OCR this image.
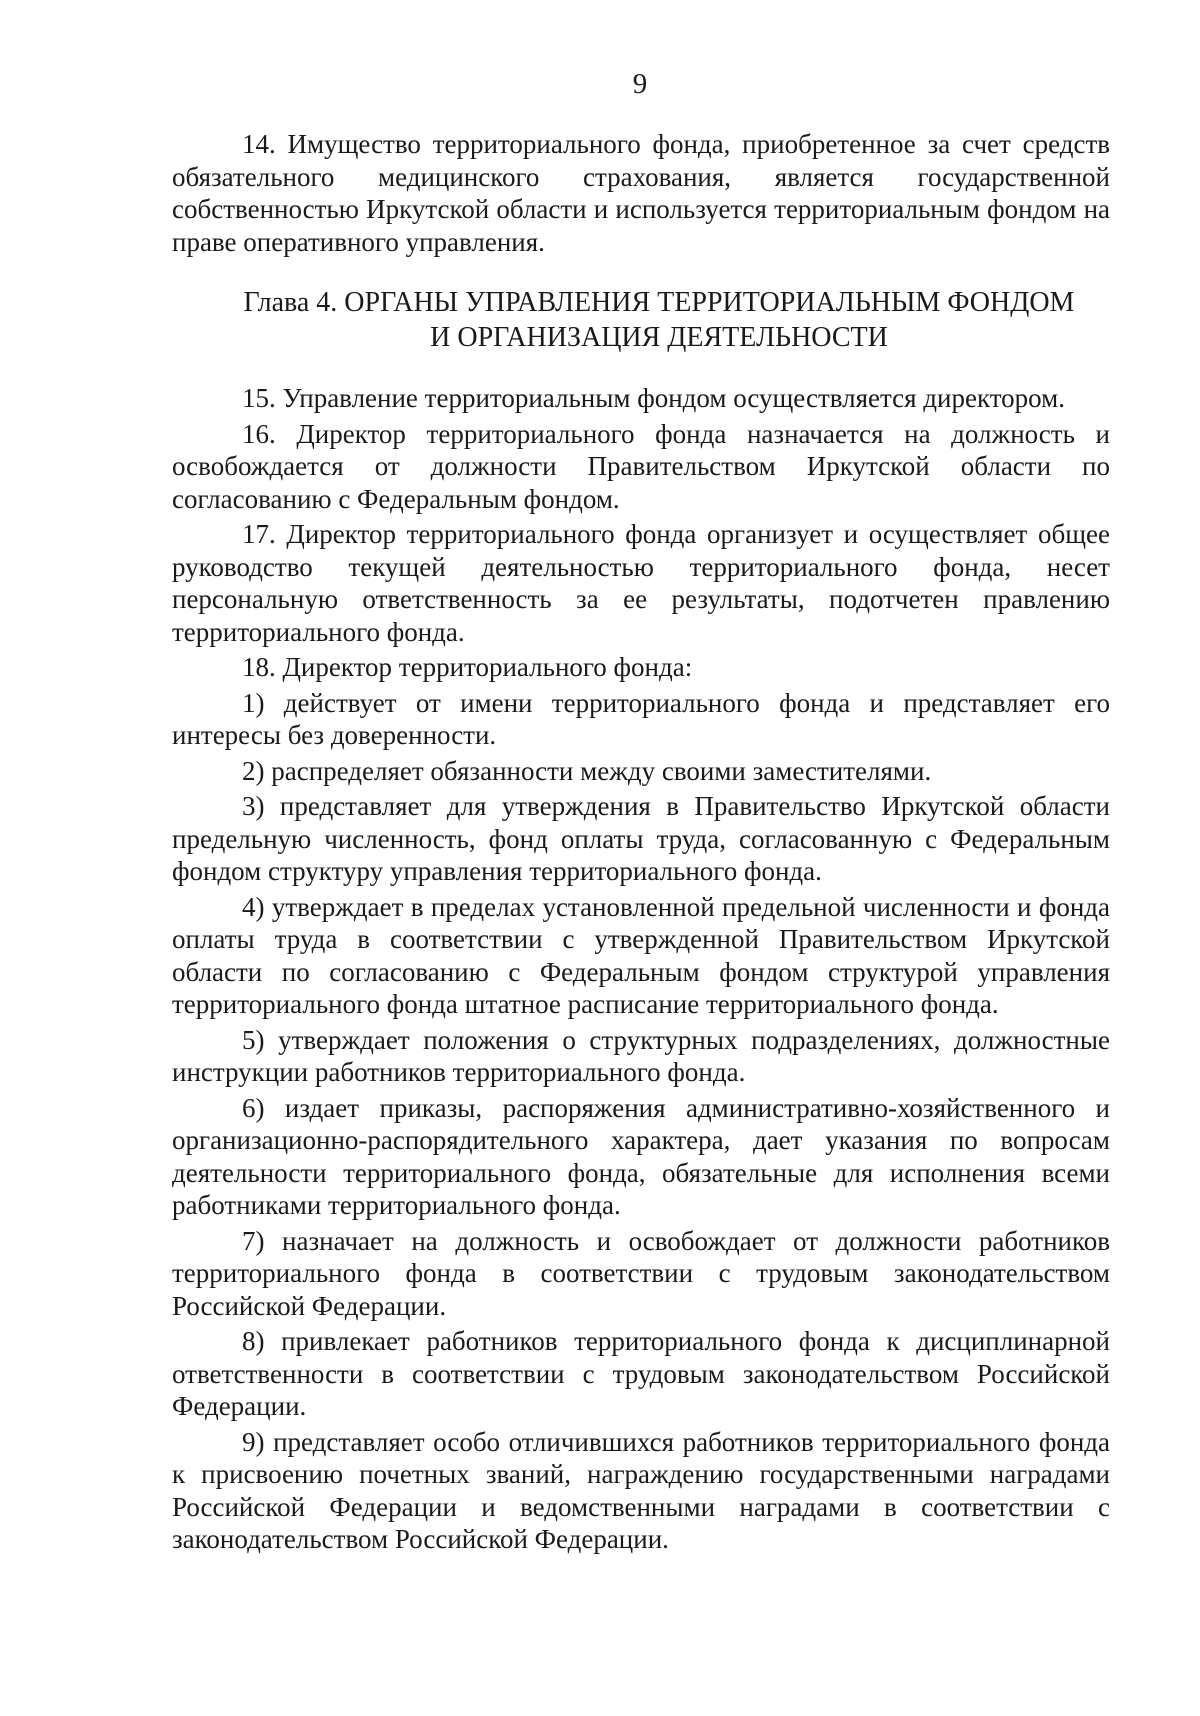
9

14. Имущество территориального фонда, приобретенное за счет средств обязательного медицинского страхования, является государственной собственностью Иркутской области и используется территориальным фондом на праве оперативного управления.

Глава 4. ОРГАНЫ УПРАВЛЕНИЯ ТЕРРИТОРИАЛЬНЫМ ФОНДОМ
И ОРГАНИЗАЦИЯ ДЕЯТЕЛЬНОСТИ

15. Управление территориальным фондом осуществляется директором.

16. Директор территориального фонда назначается на должность и освобождается от должности Правительством Иркутской области по согласованию с Федеральным фондом.

17. Директор территориального фонда организует и осуществляет общее руководство текущей деятельностью территориального фонда, несет персональную ответственность за ее результаты, подотчетен правлению территориального фонда.

18. Директор территориального фонда:

1) действует от имени территориального фонда и представляет его интересы без доверенности.

2) распределяет обязанности между своими заместителями.

3) представляет для утверждения в Правительство Иркутской области предельную численность, фонд оплаты труда, согласованную с Федеральным фондом структуру управления территориального фонда.

4) утверждает в пределах установленной предельной численности и фонда оплаты труда в соответствии с утвержденной Правительством Иркутской области по согласованию с Федеральным фондом структурой управления территориального фонда штатное расписание территориального фонда.

5) утверждает положения о структурных подразделениях, должностные инструкции работников территориального фонда.

6) издает приказы, распоряжения административно-хозяйственного и организационно-распорядительного характера, дает указания по вопросам деятельности территориального фонда, обязательные для исполнения всеми работниками территориального фонда.

7) назначает на должность и освобождает от должности работников территориального фонда в соответствии с трудовым законодательством Российской Федерации.

8) привлекает работников территориального фонда к дисциплинарной ответственности в соответствии с трудовым законодательством Российской Федерации.

9) представляет особо отличившихся работников территориального фонда к присвоению почетных званий, награждению государственными наградами Российской Федерации и ведомственными наградами в соответствии с законодательством Российской Федерации.
